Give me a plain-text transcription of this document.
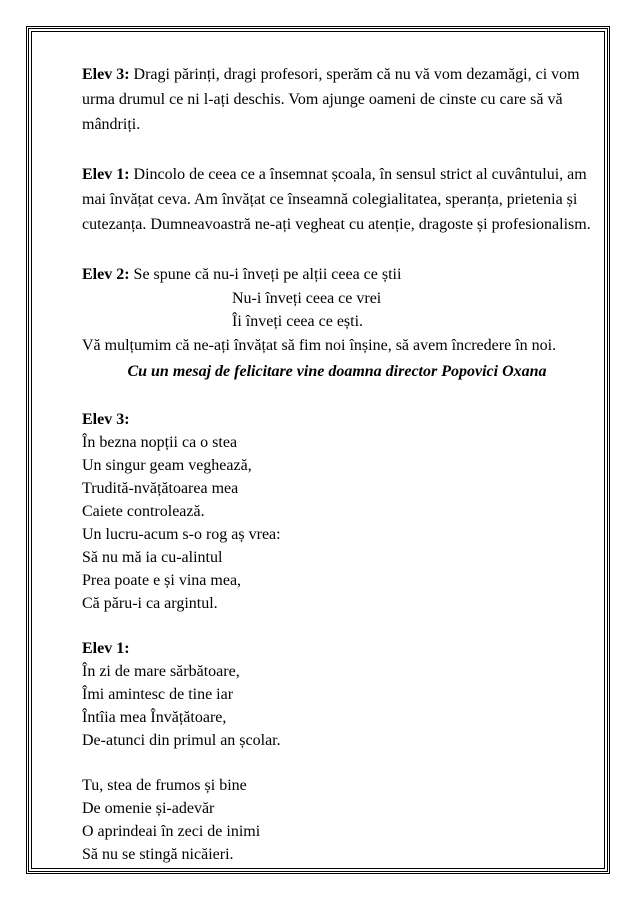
Elev 3: Dragi părinți, dragi profesori, sperăm că nu vă vom dezamăgi, ci vom urma drumul ce ni l-ați deschis. Vom ajunge oameni de cinste cu care să vă mândriți.

Elev 1: Dincolo de ceea ce a însemnat școala, în sensul strict al cuvântului, am mai învățat ceva. Am învățat ce înseamnă colegialitatea, speranța, prietenia și cutezanța. Dumneavoastră ne-ați vegheat cu atenție, dragoste și profesionalism.

Elev 2: Se spune că nu-i înveți pe alții ceea ce știi

Nu-i înveți ceea ce vrei
Îi înveți ceea ce ești.

Vă mulțumim că ne-ați învățat să fim noi înșine, să avem încredere în noi.

Cu un mesaj de felicitare vine doamna director Popovici Oxana
Elev 3:
În bezna nopții ca o stea
Un singur geam veghează,
Trudită-nvățătoarea mea
Caiete controlează.
Un lucru-acum s-o rog aș vrea:
Să nu mă ia cu-alintul
Prea poate e și vina mea,
Că păru-i ca argintul.
Elev 1:
În zi de mare sărbătoare,
Îmi amintesc de tine iar
Întîia mea Învățătoare,
De-atunci din primul an școlar.
Tu, stea de frumos și bine
De omenie și-adevăr
O aprindeai în zeci de inimi
Să nu se stingă nicăieri.
